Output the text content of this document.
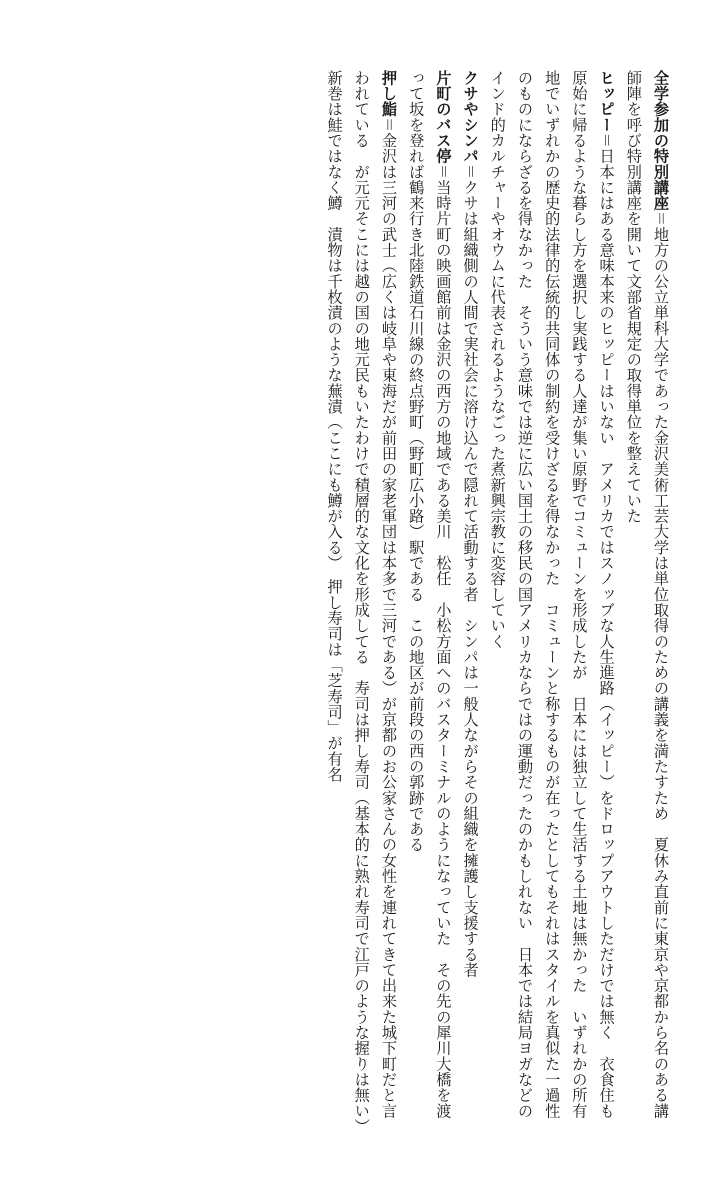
全学参加の特別講座＝地方の公立単科大学であった金沢美術工芸大学は単位取得のための講義を満たすため　夏休み直前に東京や京都から名のある講師陣を呼び特別講座を開いて文部省規定の取得単位を整えていた

ヒッピー＝日本にはある意味本来のヒッピーはいない　アメリカではスノッブな人生進路（イッピー）をドロップアウトしただけでは無く　衣食住も原始に帰るような暮らし方を選択し実践する人達が集い原野でコミューンを形成したが　日本には独立して生活する土地は無かった　いずれかの所有地でいずれかの歴史的法律的伝統的共同体の制約を受けざるを得なかった　コミューンと称するものが在ったとしてもそれはスタイルを真似た一過性のものにならざるを得なかった　そういう意味では逆に広い国土の移民の国アメリカならではの運動だったのかもしれない　日本では結局ヨガなどのインド的カルチャーやオウムに代表されるようなごった煮新興宗教に変容していく

クサやシンパ＝クサは組織側の人間で実社会に溶け込んで隠れて活動する者　シンパは一般人ながらその組織を擁護し支援する者

片町のバス停＝当時片町の映画館前は金沢の西方の地域である美川　松任　小松方面へのバスターミナルのようになっていた　その先の犀川大橋を渡って坂を登れば鶴来行き北陸鉄道石川線の終点野町（野町広小路）駅である　この地区が前段の西の郭跡である

押し鮨＝金沢は三河の武士（広くは岐阜や東海だが前田の家老軍団は本多で三河である）が京都のお公家さんの女性を連れてきて出来た城下町だと言われている　が元元そこには越の国の地元民もいたわけで積層的な文化を形成してる　寿司は押し寿司（基本的に熟れ寿司で江戸のような握りは無い）　新巻は鮭ではなく鱒　漬物は千枚漬のような蕪漬（ここにも鱒が入る）　押し寿司は「芝寿司」が有名
